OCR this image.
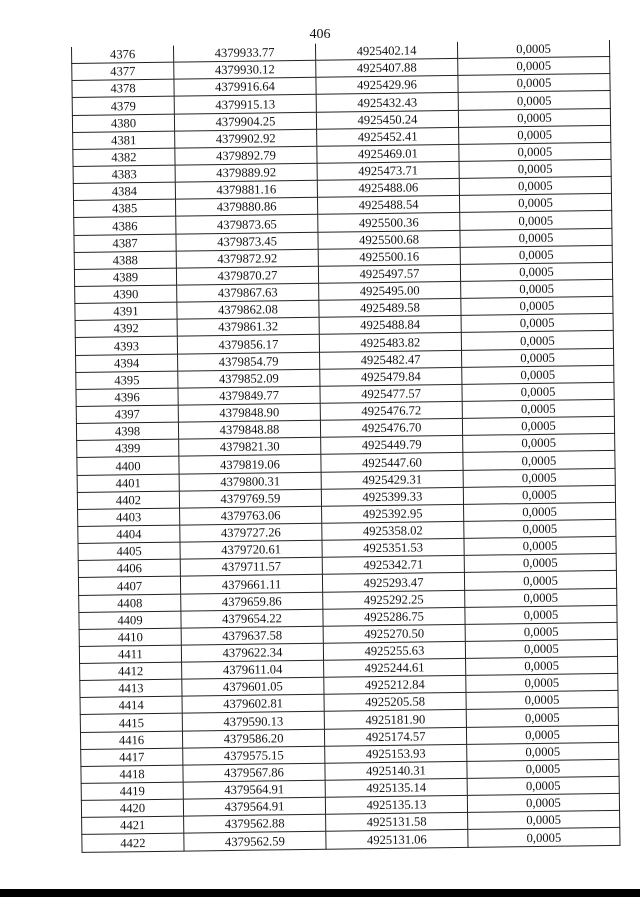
406
4376	4379933.77	4925402.14	0,0005
4377	4379930.12	4925407.88	0,0005
4378	4379916.64	4925429.96	0,0005
4379	4379915.13	4925432.43	0,0005
4380	4379904.25	4925450.24	0,0005
4381	4379902.92	4925452.41	0,0005
4382	4379892.79	4925469.01	0,0005
4383	4379889.92	4925473.71	0,0005
4384	4379881.16	4925488.06	0,0005
4385	4379880.86	4925488.54	0,0005
4386	4379873.65	4925500.36	0,0005
4387	4379873.45	4925500.68	0,0005
4388	4379872.92	4925500.16	0,0005
4389	4379870.27	4925497.57	0,0005
4390	4379867.63	4925495.00	0,0005
4391	4379862.08	4925489.58	0,0005
4392	4379861.32	4925488.84	0,0005
4393	4379856.17	4925483.82	0,0005
4394	4379854.79	4925482.47	0,0005
4395	4379852.09	4925479.84	0,0005
4396	4379849.77	4925477.57	0,0005
4397	4379848.90	4925476.72	0,0005
4398	4379848.88	4925476.70	0,0005
4399	4379821.30	4925449.79	0,0005
4400	4379819.06	4925447.60	0,0005
4401	4379800.31	4925429.31	0,0005
4402	4379769.59	4925399.33	0,0005
4403	4379763.06	4925392.95	0,0005
4404	4379727.26	4925358.02	0,0005
4405	4379720.61	4925351.53	0,0005
4406	4379711.57	4925342.71	0,0005
4407	4379661.11	4925293.47	0,0005
4408	4379659.86	4925292.25	0,0005
4409	4379654.22	4925286.75	0,0005
4410	4379637.58	4925270.50	0,0005
4411	4379622.34	4925255.63	0,0005
4412	4379611.04	4925244.61	0,0005
4413	4379601.05	4925212.84	0,0005
4414	4379602.81	4925205.58	0,0005
4415	4379590.13	4925181.90	0,0005
4416	4379586.20	4925174.57	0,0005
4417	4379575.15	4925153.93	0,0005
4418	4379567.86	4925140.31	0,0005
4419	4379564.91	4925135.14	0,0005
4420	4379564.91	4925135.13	0,0005
4421	4379562.88	4925131.58	0,0005
4422	4379562.59	4925131.06	0,0005
